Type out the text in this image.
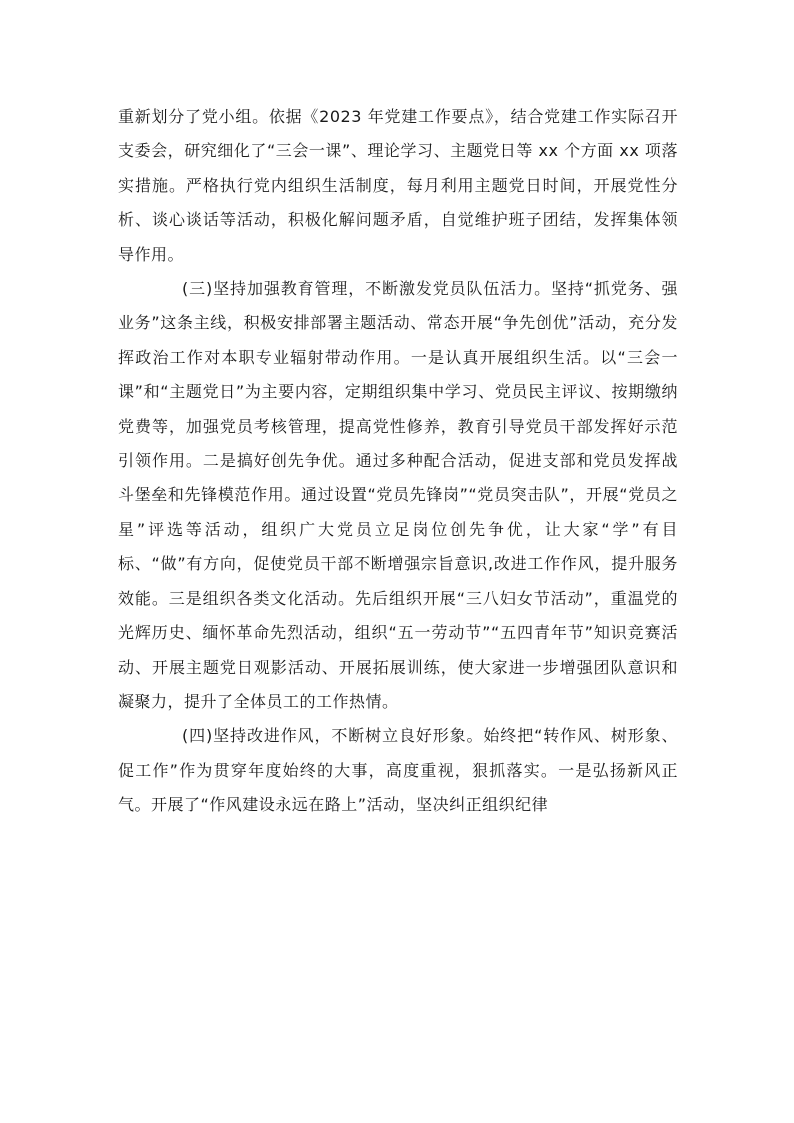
重新划分了党小组。依据《2023 年党建工作要点》，结合党建工作实际召开支委会，研究细化了“三会一课”、理论学习、主题党日等 xx 个方面 xx 项落实措施。严格执行党内组织生活制度，每月利用主题党日时间，开展党性分析、谈心谈话等活动，积极化解问题矛盾，自觉维护班子团结，发挥集体领导作用。

(三)坚持加强教育管理，不断激发党员队伍活力。坚持“抓党务、强业务”这条主线，积极安排部署主题活动、常态开展“争先创优”活动，充分发挥政治工作对本职专业辐射带动作用。一是认真开展组织生活。以“三会一课”和“主题党日”为主要内容，定期组织集中学习、党员民主评议、按期缴纳党费等，加强党员考核管理，提高党性修养，教育引导党员干部发挥好示范引领作用。二是搞好创先争优。通过多种配合活动，促进支部和党员发挥战斗堡垒和先锋模范作用。通过设置“党员先锋岗”“党员突击队”，开展“党员之星”评选等活动，组织广大党员立足岗位创先争优，让大家“学”有目标、“做”有方向，促使党员干部不断增强宗旨意识,改进工作作风，提升服务效能。三是组织各类文化活动。先后组织开展“三八妇女节活动”，重温党的光辉历史、缅怀革命先烈活动，组织“五一劳动节”“五四青年节”知识竞赛活动、开展主题党日观影活动、开展拓展训练，使大家进一步增强团队意识和凝聚力，提升了全体员工的工作热情。

(四)坚持改进作风，不断树立良好形象。始终把“转作风、树形象、促工作”作为贯穿年度始终的大事，高度重视，狠抓落实。一是弘扬新风正气。开展了“作风建设永远在路上”活动，坚决纠正组织纪律
